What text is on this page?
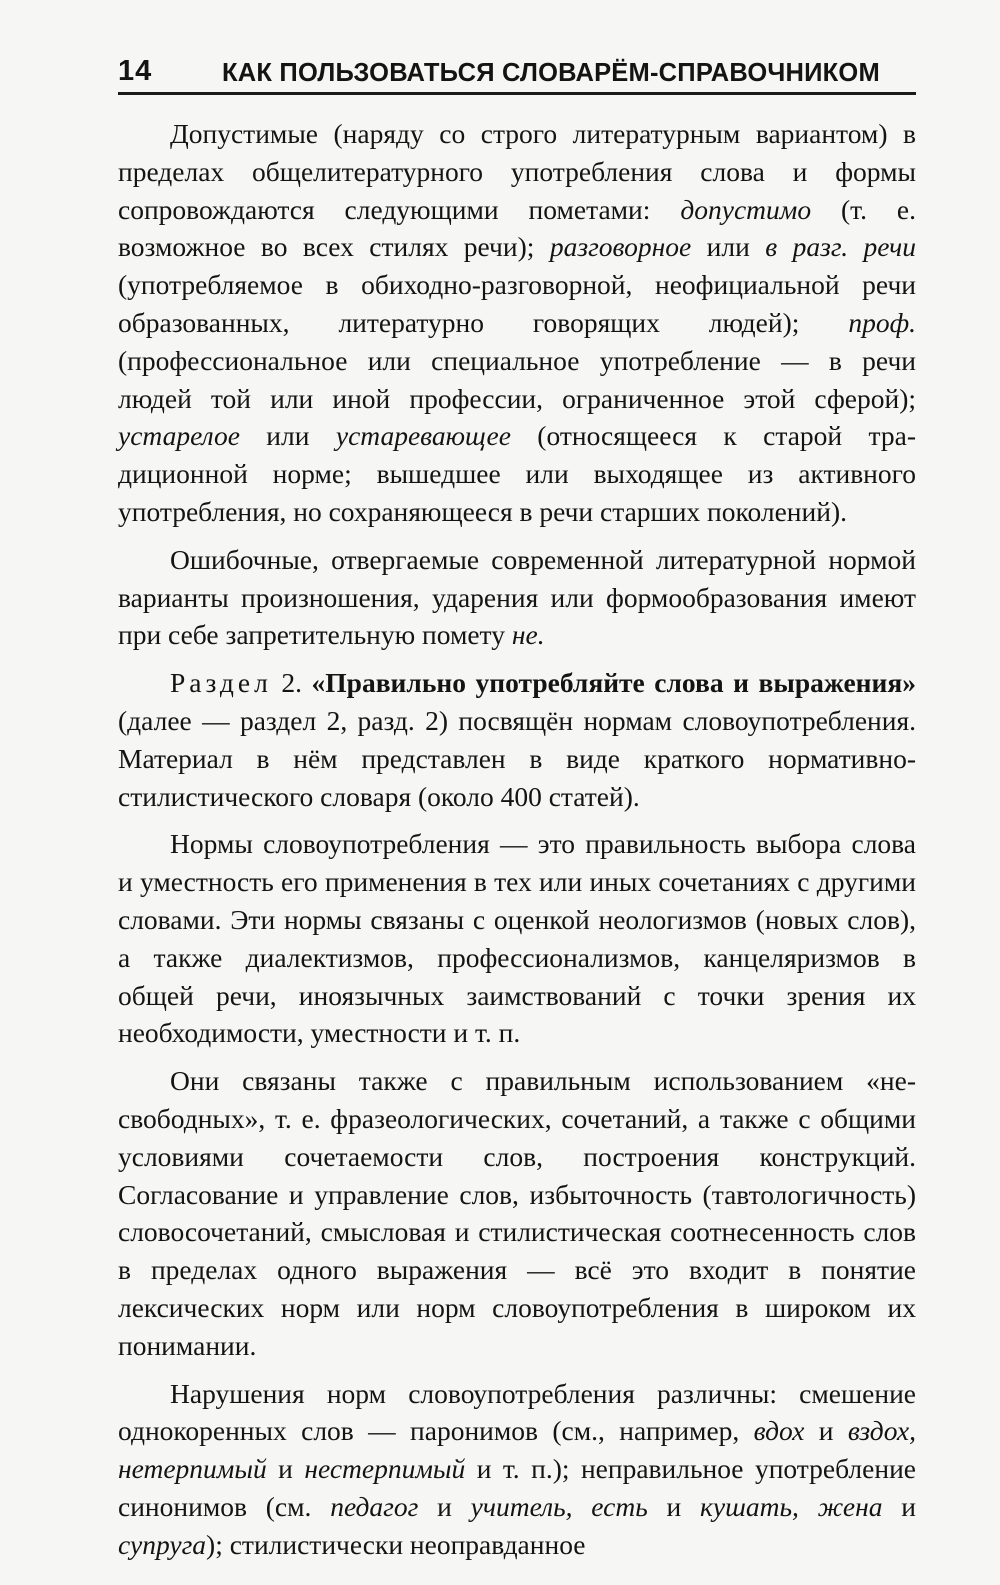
14	КАК ПОЛЬЗОВАТЬСЯ СЛОВАРЁМ-СПРАВОЧНИКОМ

Допустимые (наряду со строго литературным вариантом) в пределах общелитературного употребления слова и формы сопровождаются следующими пометами: допустимо (т. е. возможное во всех стилях речи); разговорное или в разг. речи (употребляемое в обиходно-разговорной, неофициальной речи образованных, литературно говорящих людей); проф. (профессиональное или специальное употребление — в речи людей той или иной профессии, ограниченное этой сферой); устарелое или устаревающее (относящееся к старой традиционной норме; вышедшее или выходящее из активного употребления, но сохраняющееся в речи старших поколений).

Ошибочные, отвергаемые современной литературной нормой варианты произношения, ударения или формообразования имеют при себе запретительную помету не.

Раздел 2. «Правильно употребляйте слова и выражения» (далее — раздел 2, разд. 2) посвящён нормам словоупотребления. Материал в нём представлен в виде краткого нормативно-стилистического словаря (около 400 статей).

Нормы словоупотребления — это правильность выбора слова и уместность его применения в тех или иных сочетаниях с другими словами. Эти нормы связаны с оценкой неологизмов (новых слов), а также диалектизмов, профессионализмов, канцеляризмов в общей речи, иноязычных заимствований с точки зрения их необходимости, уместности и т. п.

Они связаны также с правильным использованием «несвободных», т. е. фразеологических, сочетаний, а также с общими условиями сочетаемости слов, построения конструкций. Согласование и управление слов, избыточность (тавтологичность) словосочетаний, смысловая и стилистическая соотнесенность слов в пределах одного выражения — всё это входит в понятие лексических норм или норм словоупотребления в широком их понимании.

Нарушения норм словоупотребления различны: смешение однокоренных слов — паронимов (см., например, вдох и вздох, нетерпимый и нестерпимый и т. п.); неправильное употребление синонимов (см. педагог и учитель, есть и кушать, жена и супруга); стилистически неоправданное
